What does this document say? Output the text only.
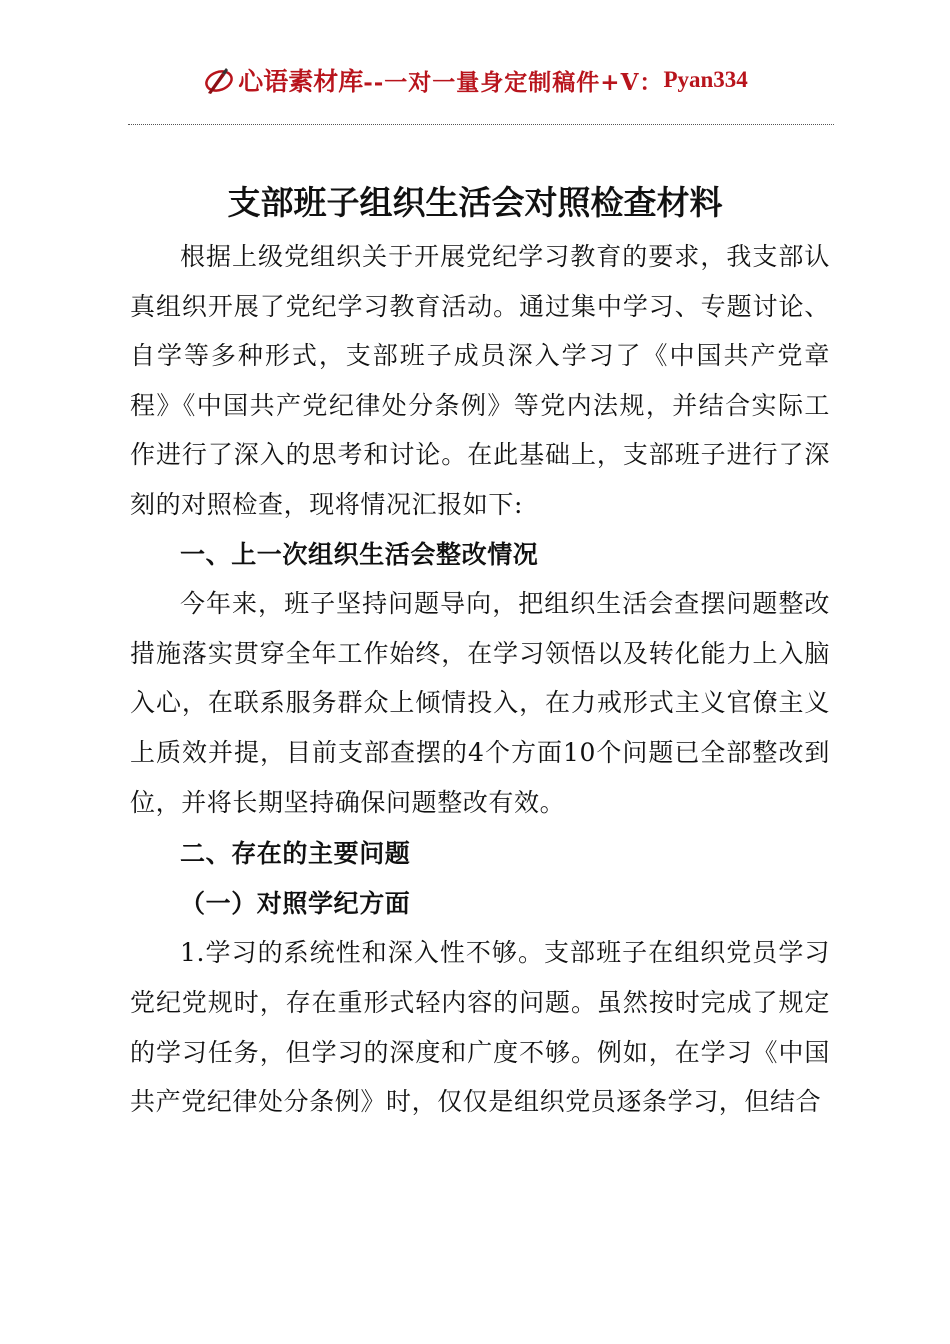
心语素材库 --一对一量身定制稿件+V： Pyan334
支部班子组织生活会对照检查材料

根据上级党组织关于开展党纪学习教育的要求，我支部认真组织开展了党纪学习教育活动。通过集中学习、专题讨论、自学等多种形式，支部班子成员深入学习了《中国共产党章程》《中国共产党纪律处分条例》等党内法规，并结合实际工作进行了深入的思考和讨论。在此基础上，支部班子进行了深刻的对照检查，现将情况汇报如下:

一、上一次组织生活会整改情况

今年来，班子坚持问题导向，把组织生活会查摆问题整改措施落实贯穿全年工作始终，在学习领悟以及转化能力上入脑入心，在联系服务群众上倾情投入，在力戒形式主义官僚主义上质效并提，目前支部查摆的4个方面10个问题已全部整改到位，并将长期坚持确保问题整改有效。

二、存在的主要问题

（一）对照学纪方面

1.学习的系统性和深入性不够。支部班子在组织党员学习党纪党规时，存在重形式轻内容的问题。虽然按时完成了规定的学习任务，但学习的深度和广度不够。例如，在学习《中国共产党纪律处分条例》时，仅仅是组织党员逐条学习，但结合
